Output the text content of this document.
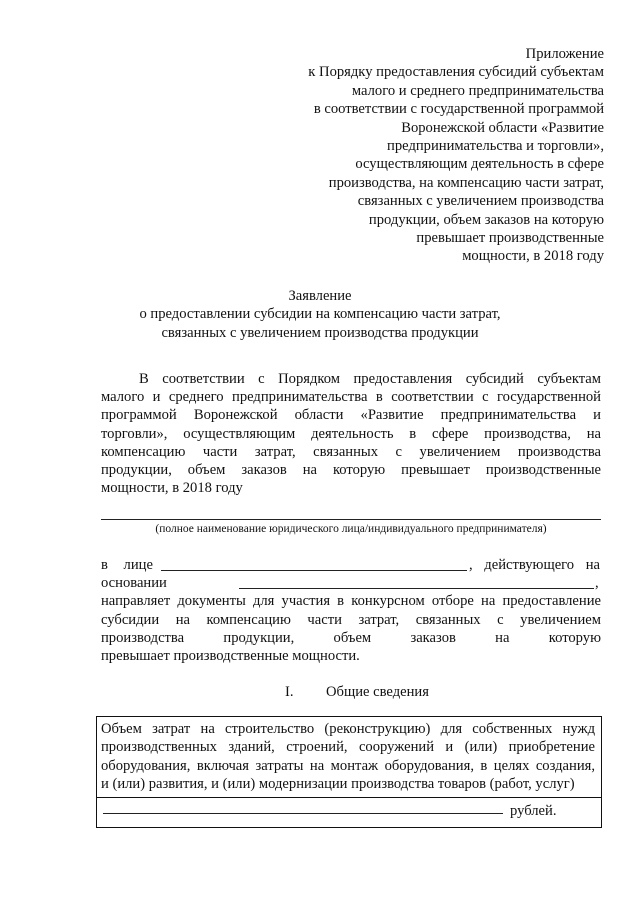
Приложение
к Порядку предоставления субсидий субъектам
малого и среднего предпринимательства
в соответствии с государственной программой
Воронежской области «Развитие
предпринимательства и торговли»,
осуществляющим деятельность в сфере
производства, на компенсацию части затрат,
связанных с увеличением производства
продукции, объем заказов на которую
превышает производственные
мощности, в 2018 году
Заявление
о предоставлении субсидии на компенсацию части затрат,
связанных с увеличением производства продукции
В соответствии с Порядком предоставления субсидий субъектам
малого и среднего предпринимательства в соответствии с государственной
программой Воронежской области «Развитие предпринимательства и
торговли», осуществляющим деятельность в сфере производства, на
компенсацию части затрат, связанных с увеличением производства
продукции, объем заказов на которую превышает производственные
мощности, в 2018 году
(полное наименование юридического лица/индивидуального предпринимателя)
в лице	, действующего на
основании	,
направляет документы для участия в конкурсном отборе на предоставление
субсидии на компенсацию части затрат, связанных с увеличением
производства продукции, объем заказов на которую
превышает производственные мощности.
I. Общие сведения
Объем затрат на строительство (реконструкцию) для собственных нужд
производственных зданий, строений, сооружений и (или) приобретение
оборудования, включая затраты на монтаж оборудования, в целях создания,
и (или) развития, и (или) модернизации производства товаров (работ, услуг)
рублей.
